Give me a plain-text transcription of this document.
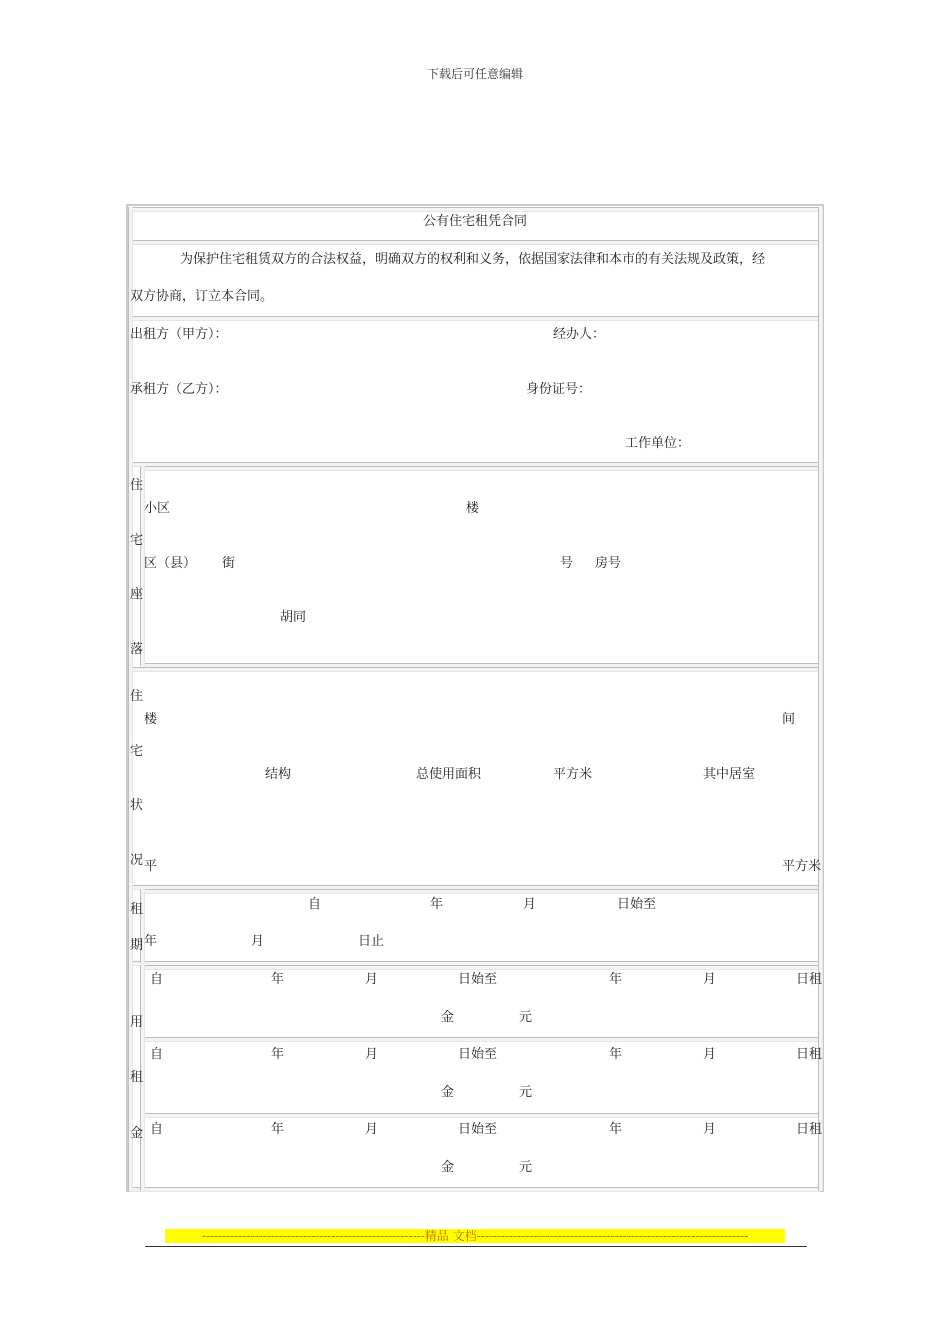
下载后可任意编辑
公有住宅租凭合同
为保护住宅租赁双方的合法权益，明确双方的权利和义务，依据国家法律和本市的有关法规及政策，经
双方协商，订立本合同。
出租方（甲方）：	经办人：
承租方（乙方）：	身份证号：
工作单位：
住
宅
座
落
小区	楼
区（县） 街	号 房号
胡同
住
宅
状
况
楼	间
结构	总使用面积	平方米	其中居室
平	平方米
租
期
自	年	月	日始至
年	月	日止
用
租
金
自	年	月	日始至	年	月	日租
金	元
自	年	月	日始至	年	月	日租
金	元
自	年	月	日始至	年	月	日租
金	元
-------------------------------------------------------精品 文档-------------------------------------------------------------------
